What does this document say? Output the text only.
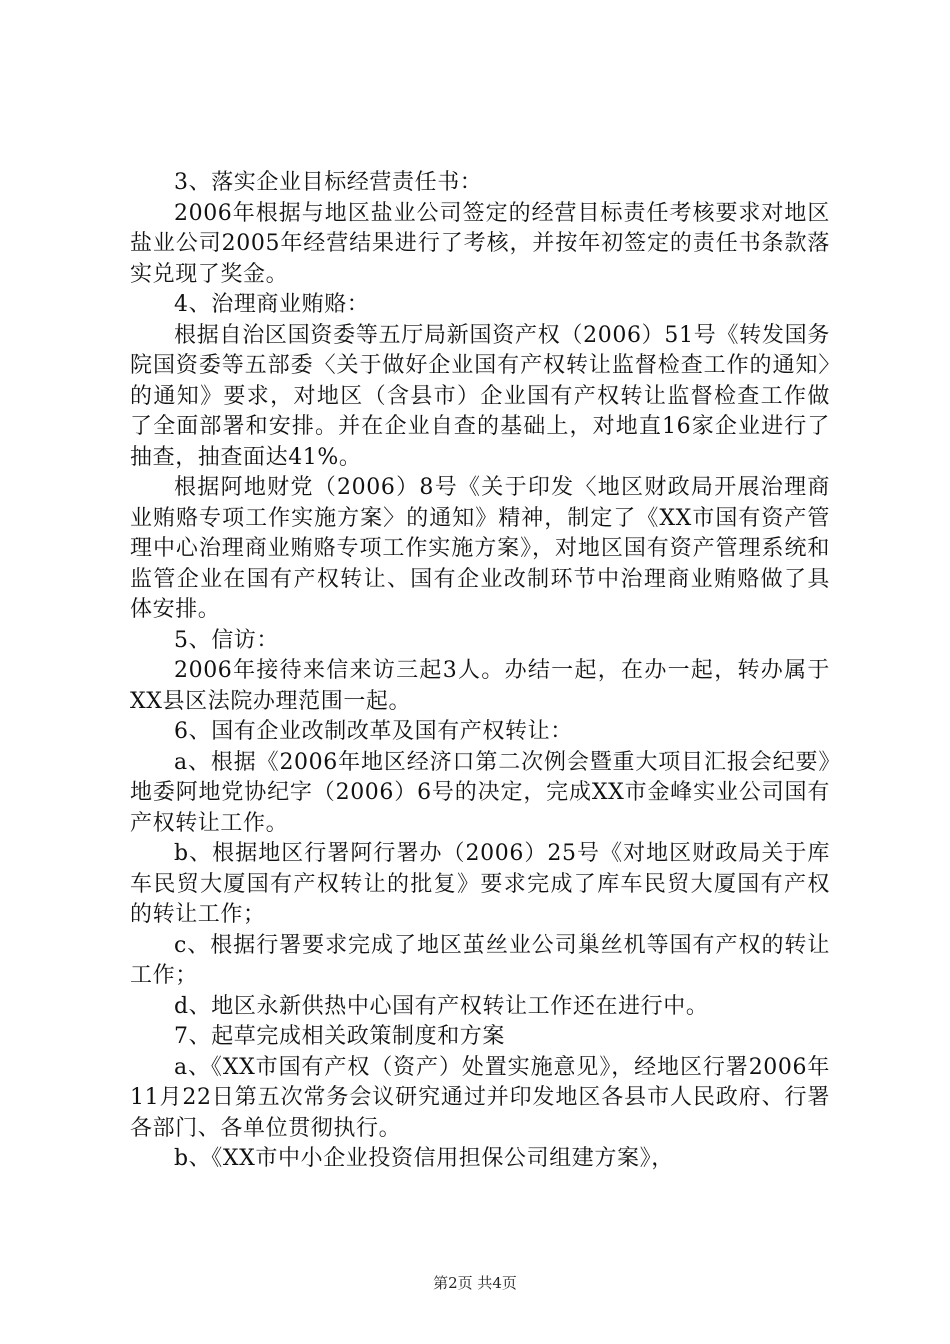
3、落实企业目标经营责任书：

2006年根据与地区盐业公司签定的经营目标责任考核要求对地区盐业公司2005年经营结果进行了考核，并按年初签定的责任书条款落实兑现了奖金。

4、治理商业贿赂：

根据自治区国资委等五厅局新国资产权（2006）51号《转发国务院国资委等五部委〈关于做好企业国有产权转让监督检查工作的通知〉的通知》要求，对地区（含县市）企业国有产权转让监督检查工作做了全面部署和安排。并在企业自查的基础上，对地直16家企业进行了抽查，抽查面达41%。

根据阿地财党（2006）8号《关于印发〈地区财政局开展治理商业贿赂专项工作实施方案〉的通知》精神，制定了《XX市国有资产管理中心治理商业贿赂专项工作实施方案》，对地区国有资产管理系统和监管企业在国有产权转让、国有企业改制环节中治理商业贿赂做了具体安排。

5、信访：

2006年接待来信来访三起3人。办结一起，在办一起，转办属于XX县区法院办理范围一起。

6、国有企业改制改革及国有产权转让：

a、根据《2006年地区经济口第二次例会暨重大项目汇报会纪要》地委阿地党协纪字（2006）6号的决定，完成XX市金峰实业公司国有产权转让工作。

b、根据地区行署阿行署办（2006）25号《对地区财政局关于库车民贸大厦国有产权转让的批复》要求完成了库车民贸大厦国有产权的转让工作；

c、根据行署要求完成了地区茧丝业公司巢丝机等国有产权的转让工作；

d、地区永新供热中心国有产权转让工作还在进行中。

7、起草完成相关政策制度和方案

a、《XX市国有产权（资产）处置实施意见》，经地区行署2006年11月22日第五次常务会议研究通过并印发地区各县市人民政府、行署各部门、各单位贯彻执行。

b、《XX市中小企业投资信用担保公司组建方案》，

第2页 共4页
